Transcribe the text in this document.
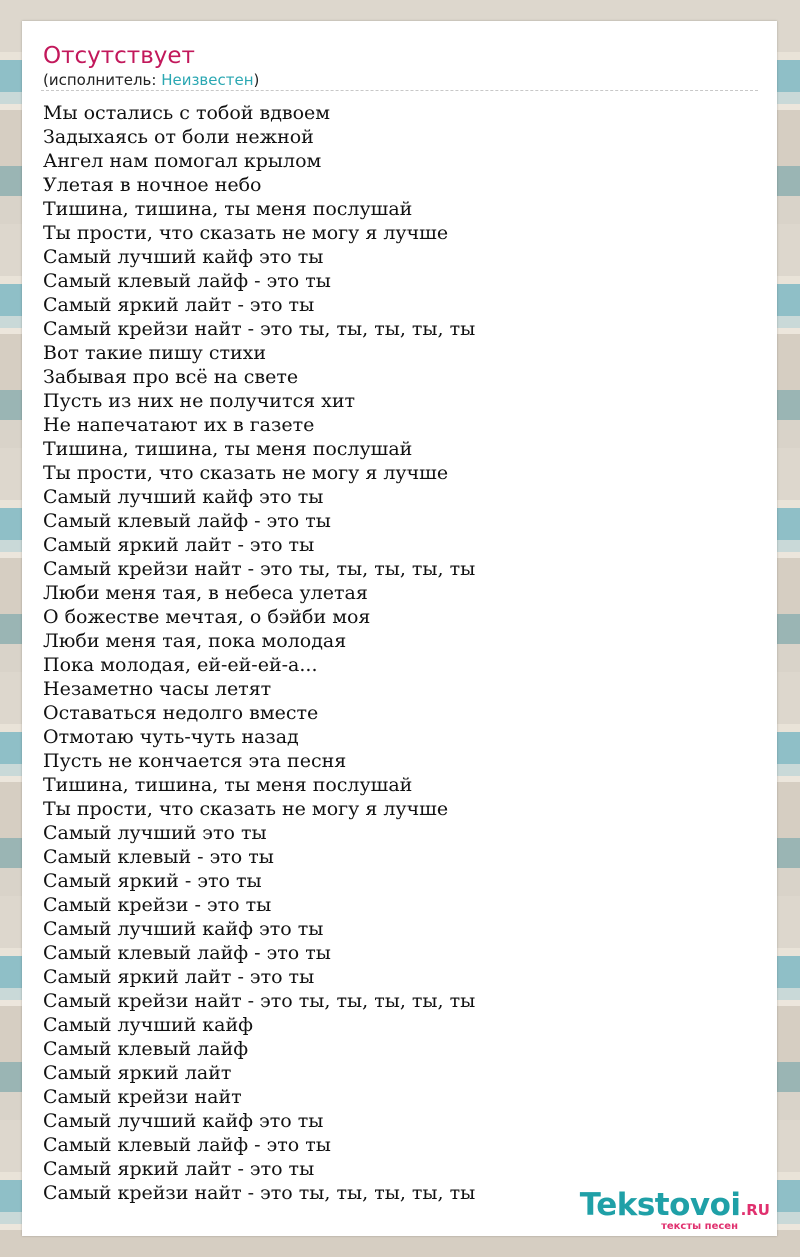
Отсутствует
(исполнитель: Неизвестен)
Мы остались с тобой вдвоем
Задыхаясь от боли нежной
Ангел нам помогал крылом
Улетая в ночное небо
Тишина, тишина, ты меня послушай
Ты прости, что сказать не могу я лучше
Самый лучший кайф это ты
Самый клевый лайф - это ты
Самый яркий лайт - это ты
Самый крейзи найт - это ты, ты, ты, ты, ты
Вот такие пишу стихи
Забывая про всё на свете
Пусть из них не получится хит
Не напечатают их в газете
Тишина, тишина, ты меня послушай
Ты прости, что сказать не могу я лучше
Самый лучший кайф это ты
Самый клевый лайф - это ты
Самый яркий лайт - это ты
Самый крейзи найт - это ты, ты, ты, ты, ты
Люби меня тая, в небеса улетая
О божестве мечтая, о бэйби моя
Люби меня тая, пока молодая
Пока молодая, ей-ей-ей-а...
Незаметно часы летят
Оставаться недолго вместе
Отмотаю чуть-чуть назад
Пусть не кончается эта песня
Тишина, тишина, ты меня послушай
Ты прости, что сказать не могу я лучше
Самый лучший это ты
Самый клевый - это ты
Самый яркий - это ты
Самый крейзи - это ты
Самый лучший кайф это ты
Самый клевый лайф - это ты
Самый яркий лайт - это ты
Самый крейзи найт - это ты, ты, ты, ты, ты
Самый лучший кайф
Самый клевый лайф
Самый яркий лайт
Самый крейзи найт
Самый лучший кайф это ты
Самый клевый лайф - это ты
Самый яркий лайт - это ты
Самый крейзи найт - это ты, ты, ты, ты, ты	Tekstovoi.RU
тексты песен
